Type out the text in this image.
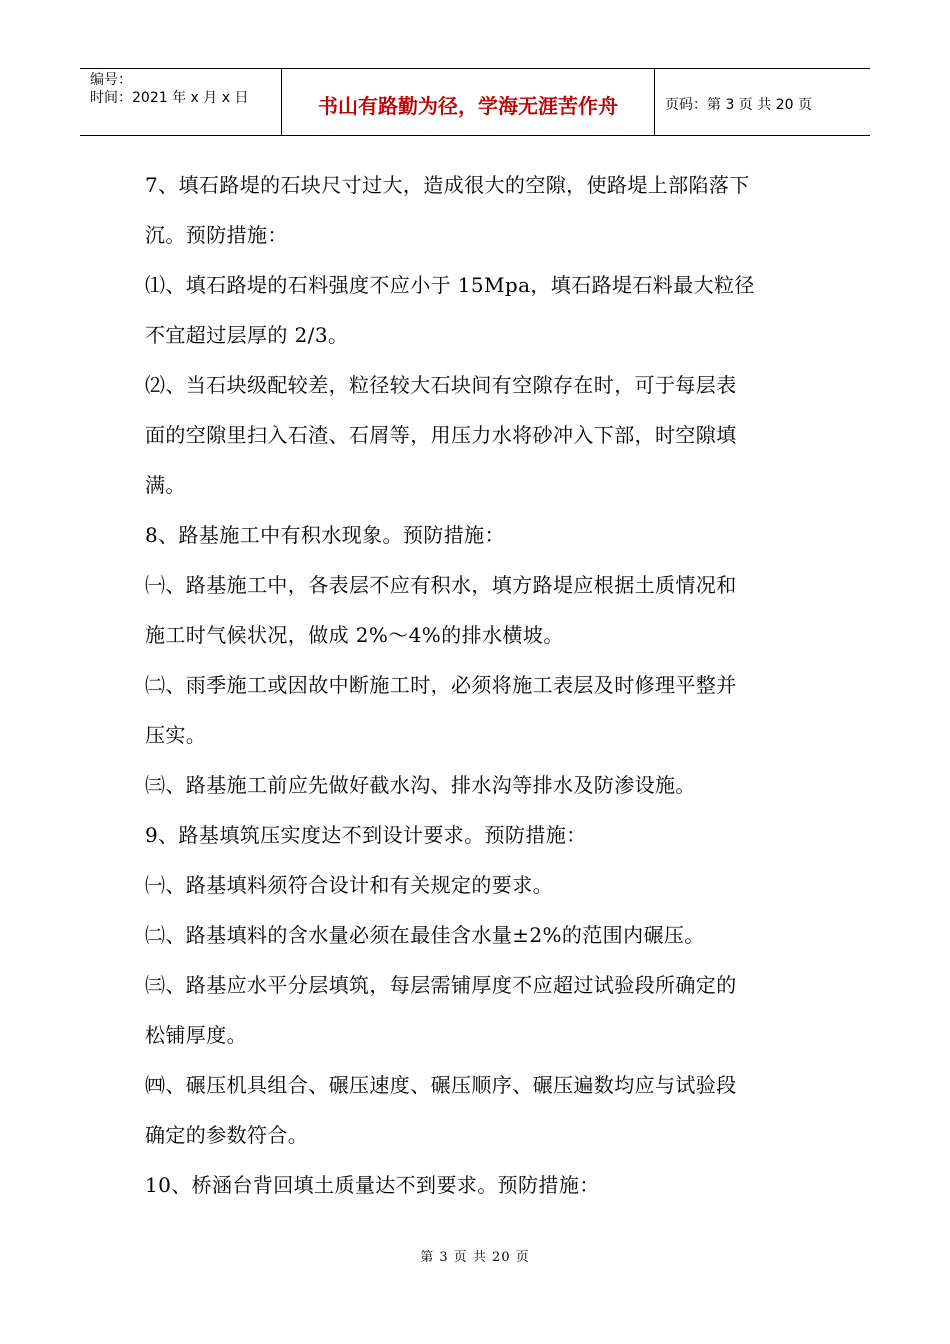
编号：
时间：2021 年 x 月 x 日	书山有路勤为径，学海无涯苦作舟	页码：第 3 页 共 20 页

7、填石路堤的石块尺寸过大，造成很大的空隙，使路堤上部陷落下

沉。预防措施：

⑴、填石路堤的石料强度不应小于 15Mpa，填石路堤石料最大粒径

不宜超过层厚的 2/3。

⑵、当石块级配较差，粒径较大石块间有空隙存在时，可于每层表

面的空隙里扫入石渣、石屑等，用压力水将砂冲入下部，时空隙填

满。

8、路基施工中有积水现象。预防措施：

㈠、路基施工中，各表层不应有积水，填方路堤应根据土质情况和

施工时气候状况，做成 2%～4%的排水横坡。

㈡、雨季施工或因故中断施工时，必须将施工表层及时修理平整并

压实。

㈢、路基施工前应先做好截水沟、排水沟等排水及防渗设施。

9、路基填筑压实度达不到设计要求。预防措施：

㈠、路基填料须符合设计和有关规定的要求。

㈡、路基填料的含水量必须在最佳含水量±2%的范围内碾压。

㈢、路基应水平分层填筑，每层需铺厚度不应超过试验段所确定的

松铺厚度。

㈣、碾压机具组合、碾压速度、碾压顺序、碾压遍数均应与试验段

确定的参数符合。

10、桥涵台背回填土质量达不到要求。预防措施：

第 3 页 共 20 页
